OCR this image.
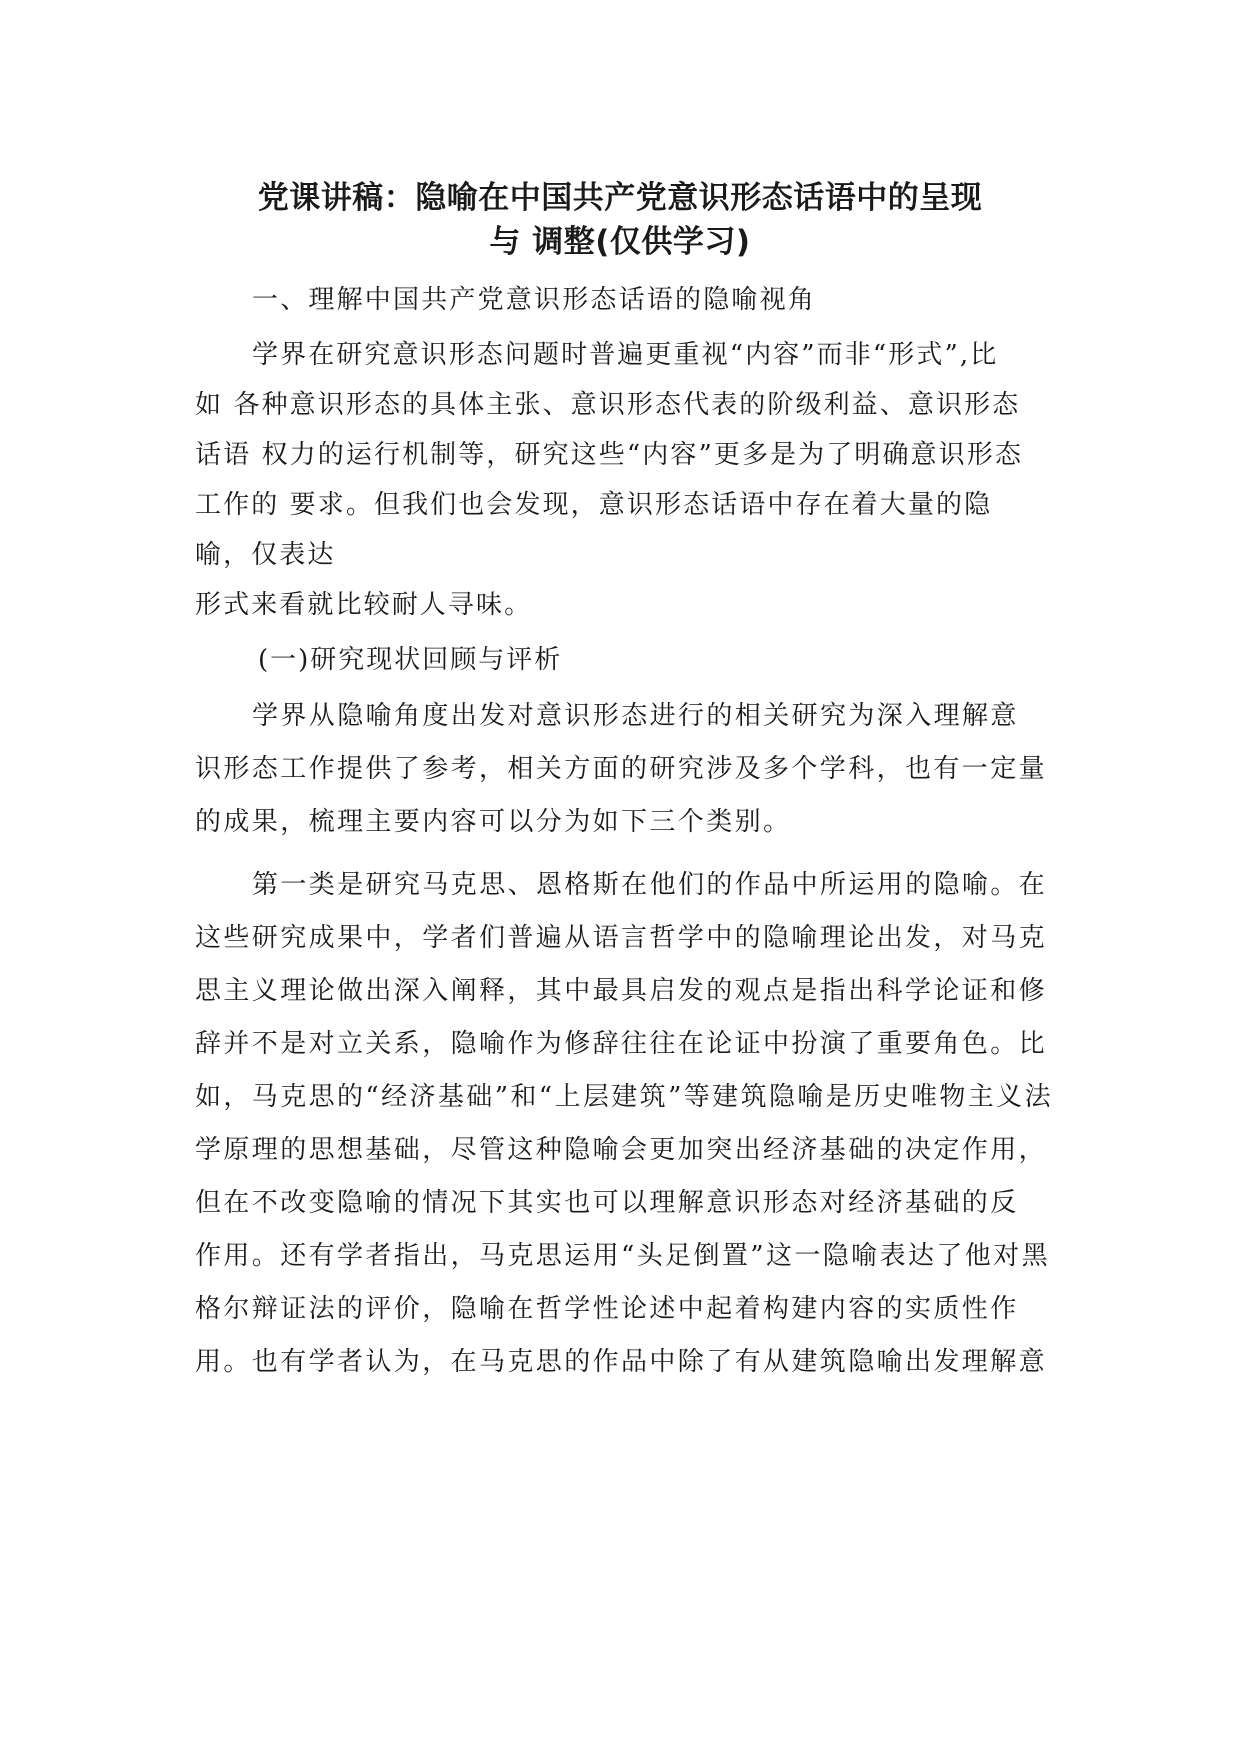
党课讲稿：隐喻在中国共产党意识形态话语中的呈现
与 调整(仅供学习)

一、理解中国共产党意识形态话语的隐喻视角

学界在研究意识形态问题时普遍更重视“内容”而非“形式”,比

如 各种意识形态的具体主张、意识形态代表的阶级利益、意识形态

话语 权力的运行机制等，研究这些“内容”更多是为了明确意识形态

工作的 要求。但我们也会发现，意识形态话语中存在着大量的隐

喻，仅表达

形式来看就比较耐人寻味。

(一)研究现状回顾与评析

学界从隐喻角度出发对意识形态进行的相关研究为深入理解意

识形态工作提供了参考，相关方面的研究涉及多个学科，也有一定量

的成果，梳理主要内容可以分为如下三个类别。

第一类是研究马克思、恩格斯在他们的作品中所运用的隐喻。在

这些研究成果中，学者们普遍从语言哲学中的隐喻理论出发，对马克

思主义理论做出深入阐释，其中最具启发的观点是指出科学论证和修

辞并不是对立关系，隐喻作为修辞往往在论证中扮演了重要角色。比

如，马克思的“经济基础”和“上层建筑”等建筑隐喻是历史唯物主义法

学原理的思想基础，尽管这种隐喻会更加突出经济基础的决定作用，

但在不改变隐喻的情况下其实也可以理解意识形态对经济基础的反

作用。还有学者指出，马克思运用“头足倒置”这一隐喻表达了他对黑

格尔辩证法的评价，隐喻在哲学性论述中起着构建内容的实质性作

用。也有学者认为，在马克思的作品中除了有从建筑隐喻出发理解意
